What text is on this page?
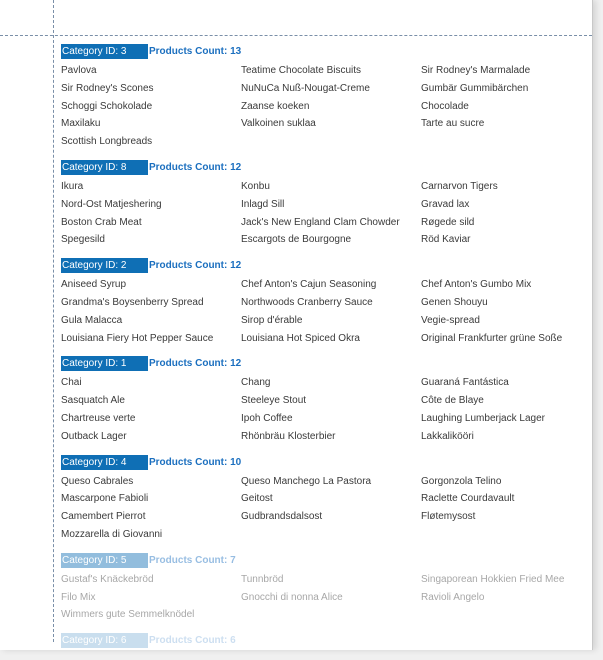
Category ID: 3	Products Count: 13
Pavlova	Teatime Chocolate Biscuits	Sir Rodney's Marmalade
Sir Rodney's Scones	NuNuCa Nuß-Nougat-Creme	Gumbär Gummibärchen
Schoggi Schokolade	Zaanse koeken	Chocolade
Maxilaku	Valkoinen suklaa	Tarte au sucre
Scottish Longbreads
Category ID: 8	Products Count: 12
Ikura	Konbu	Carnarvon Tigers
Nord-Ost Matjeshering	Inlagd Sill	Gravad lax
Boston Crab Meat	Jack's New England Clam Chowder	Røgede sild
Spegesild	Escargots de Bourgogne	Röd Kaviar
Category ID: 2	Products Count: 12
Aniseed Syrup	Chef Anton's Cajun Seasoning	Chef Anton's Gumbo Mix
Grandma's Boysenberry Spread	Northwoods Cranberry Sauce	Genen Shouyu
Gula Malacca	Sirop d'érable	Vegie-spread
Louisiana Fiery Hot Pepper Sauce	Louisiana Hot Spiced Okra	Original Frankfurter grüne Soße
Category ID: 1	Products Count: 12
Chai	Chang	Guaraná Fantástica
Sasquatch Ale	Steeleye Stout	Côte de Blaye
Chartreuse verte	Ipoh Coffee	Laughing Lumberjack Lager
Outback Lager	Rhönbräu Klosterbier	Lakkalikööri
Category ID: 4	Products Count: 10
Queso Cabrales	Queso Manchego La Pastora	Gorgonzola Telino
Mascarpone Fabioli	Geitost	Raclette Courdavault
Camembert Pierrot	Gudbrandsdalsost	Fløtemysost
Mozzarella di Giovanni
Category ID: 5	Products Count: 7
Gustaf's Knäckebröd	Tunnbröd	Singaporean Hokkien Fried Mee
Filo Mix	Gnocchi di nonna Alice	Ravioli Angelo
Wimmers gute Semmelknödel
Category ID: 6	Products Count: 6
